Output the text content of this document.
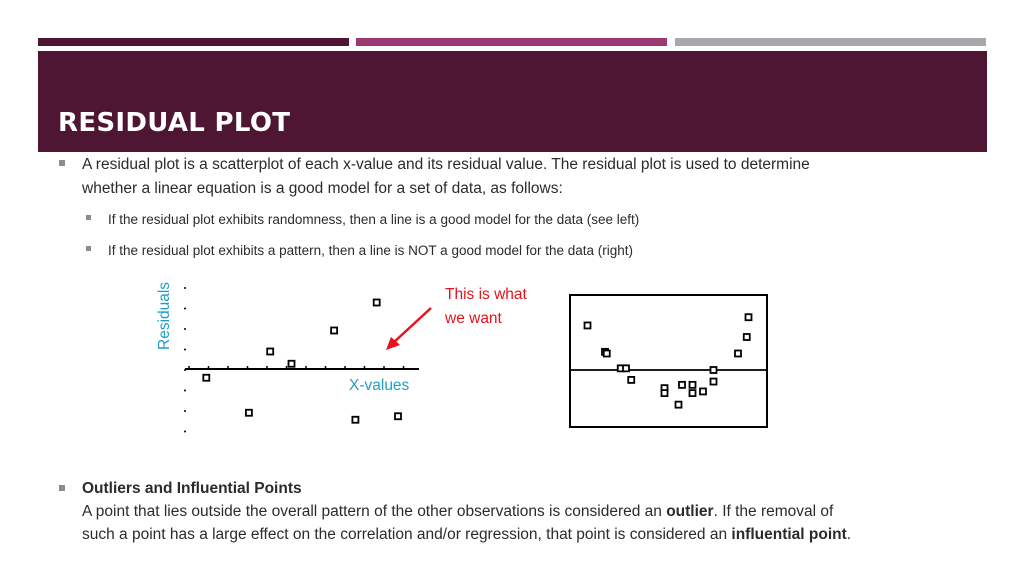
RESIDUAL PLOT

A residual plot is a scatterplot of each x-value and its residual value. The residual plot is used to determine

whether a linear equation is a good model for a set of data, as follows:

If the residual plot exhibits randomness, then a line is a good model for the data (see left)

If the residual plot exhibits a pattern, then a line is NOT a good model for the data (right)

Residuals

X-values

This is what

we want

Outliers and Influential Points

A point that lies outside the overall pattern of the other observations is considered an outlier. If the removal of

such a point has a large effect on the correlation and/or regression, that point is considered an influential point.
